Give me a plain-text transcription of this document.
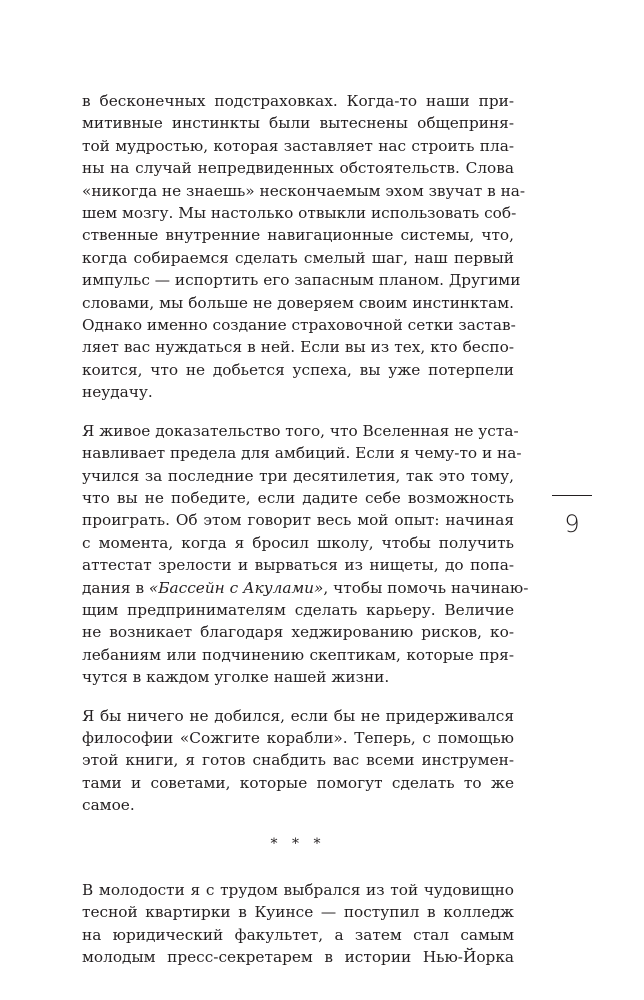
в бесконечных подстраховках. Когда-то наши при-
митивные инстинкты были вытеснены общеприня-
той мудростью, которая заставляет нас строить пла-
ны на случай непредвиденных обстоятельств. Слова
«никогда не знаешь» нескончаемым эхом звучат в на-
шем мозгу. Мы настолько отвыкли использовать соб-
ственные внутренние навигационные системы, что,
когда собираемся сделать смелый шаг, наш первый
импульс — испортить его запасным планом. Другими
словами, мы больше не доверяем своим инстинктам.
Однако именно создание страховочной сетки застав-
ляет вас нуждаться в ней. Если вы из тех, кто беспо-
коится, что не добьется успеха, вы уже потерпели
неудачу.

Я живое доказательство того, что Вселенная не уста-
навливает предела для амбиций. Если я чему-то и на-
учился за последние три десятилетия, так это тому,
что вы не победите, если дадите себе возможность
проиграть. Об этом говорит весь мой опыт: начиная
с момента, когда я бросил школу, чтобы получить
аттестат зрелости и вырваться из нищеты, до попа-
дания в «Бассейн с Акулами», чтобы помочь начинаю-
щим предпринимателям сделать карьеру. Величие
не возникает благодаря хеджированию рисков, ко-
лебаниям или подчинению скептикам, которые пря-
чутся в каждом уголке нашей жизни.

Я бы ничего не добился, если бы не придерживался
философии «Сожгите корабли». Теперь, с помощью
этой книги, я готов снабдить вас всеми инструмен-
тами и советами, которые помогут сделать то же
самое.

* * *

В молодости я с трудом выбрался из той чудовищно
тесной квартирки в Куинсе — поступил в колледж
на юридический факультет, а затем стал самым
молодым пресс-секретарем в истории Нью-Йорка

9
